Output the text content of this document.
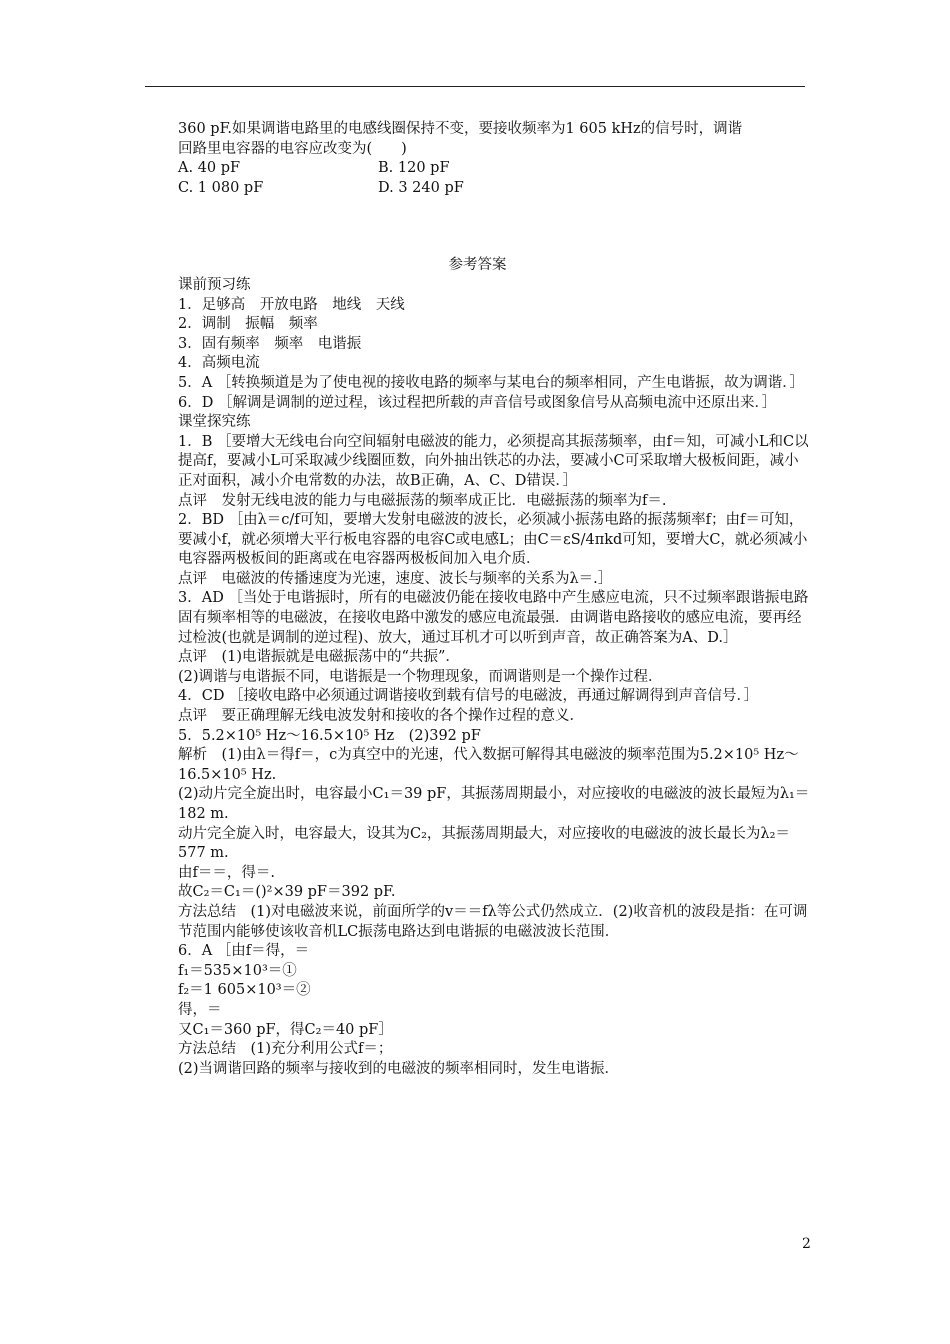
360 pF.如果调谐电路里的电感线圈保持不变，要接收频率为1 605 kHz的信号时，调谐

回路里电容器的电容应改变为(　　)

A. 40 pF	B. 120 pF
C. 1 080 pF	D. 3 240 pF

参考答案

课前预习练

1．足够高　开放电路　地线　天线

2．调制　振幅　频率

3．固有频率　频率　电谐振

4．高频电流

5．A ［转换频道是为了使电视的接收电路的频率与某电台的频率相同，产生电谐振，故为调谐．］

6．D ［解调是调制的逆过程，该过程把所载的声音信号或图象信号从高频电流中还原出来．］

课堂探究练

1．B ［要增大无线电台向空间辐射电磁波的能力，必须提高其振荡频率，由f＝知，可减小L和C以提高f，要减小L可采取减少线圈匝数，向外抽出铁芯的办法，要减小C可采取增大极板间距，减小正对面积，减小介电常数的办法，故B正确，A、C、D错误．］

点评　发射无线电波的能力与电磁振荡的频率成正比．电磁振荡的频率为f＝.

2．BD ［由λ＝c/f可知，要增大发射电磁波的波长，必须减小振荡电路的振荡频率f；由f＝可知，要减小f，就必须增大平行板电容器的电容C或电感L；由C＝εS/4πkd可知，要增大C，就必须减小电容器两极板间的距离或在电容器两极板间加入电介质．

点评　电磁波的传播速度为光速，速度、波长与频率的关系为λ＝.］

3．AD ［当处于电谐振时，所有的电磁波仍能在接收电路中产生感应电流，只不过频率跟谐振电路固有频率相等的电磁波，在接收电路中激发的感应电流最强．由调谐电路接收的感应电流，要再经过检波(也就是调制的逆过程)、放大，通过耳机才可以听到声音，故正确答案为A、D.］

点评　(1)电谐振就是电磁振荡中的“共振”．

(2)调谐与电谐振不同，电谐振是一个物理现象，而调谐则是一个操作过程．

4．CD ［接收电路中必须通过调谐接收到载有信号的电磁波，再通过解调得到声音信号．］

点评　要正确理解无线电波发射和接收的各个操作过程的意义．

5．5.2×10⁵ Hz～16.5×10⁵ Hz　(2)392 pF

解析　(1)由λ＝得f＝，c为真空中的光速，代入数据可解得其电磁波的频率范围为5.2×10⁵ Hz～16.5×10⁵ Hz.

(2)动片完全旋出时，电容最小C₁＝39 pF，其振荡周期最小，对应接收的电磁波的波长最短为λ₁＝182 m.

动片完全旋入时，电容最大，设其为C₂，其振荡周期最大，对应接收的电磁波的波长最长为λ₂＝577 m.

由f＝＝，得＝.

故C₂＝C₁＝()²×39 pF＝392 pF.

方法总结　(1)对电磁波来说，前面所学的v＝＝fλ等公式仍然成立．(2)收音机的波段是指：在可调节范围内能够使该收音机LC振荡电路达到电谐振的电磁波波长范围．

6．A ［由f＝得，＝

f₁＝535×10³＝①

f₂＝1 605×10³＝②

得，＝

又C₁＝360 pF，得C₂＝40 pF］

方法总结　(1)充分利用公式f＝；

(2)当调谐回路的频率与接收到的电磁波的频率相同时，发生电谐振．

2
